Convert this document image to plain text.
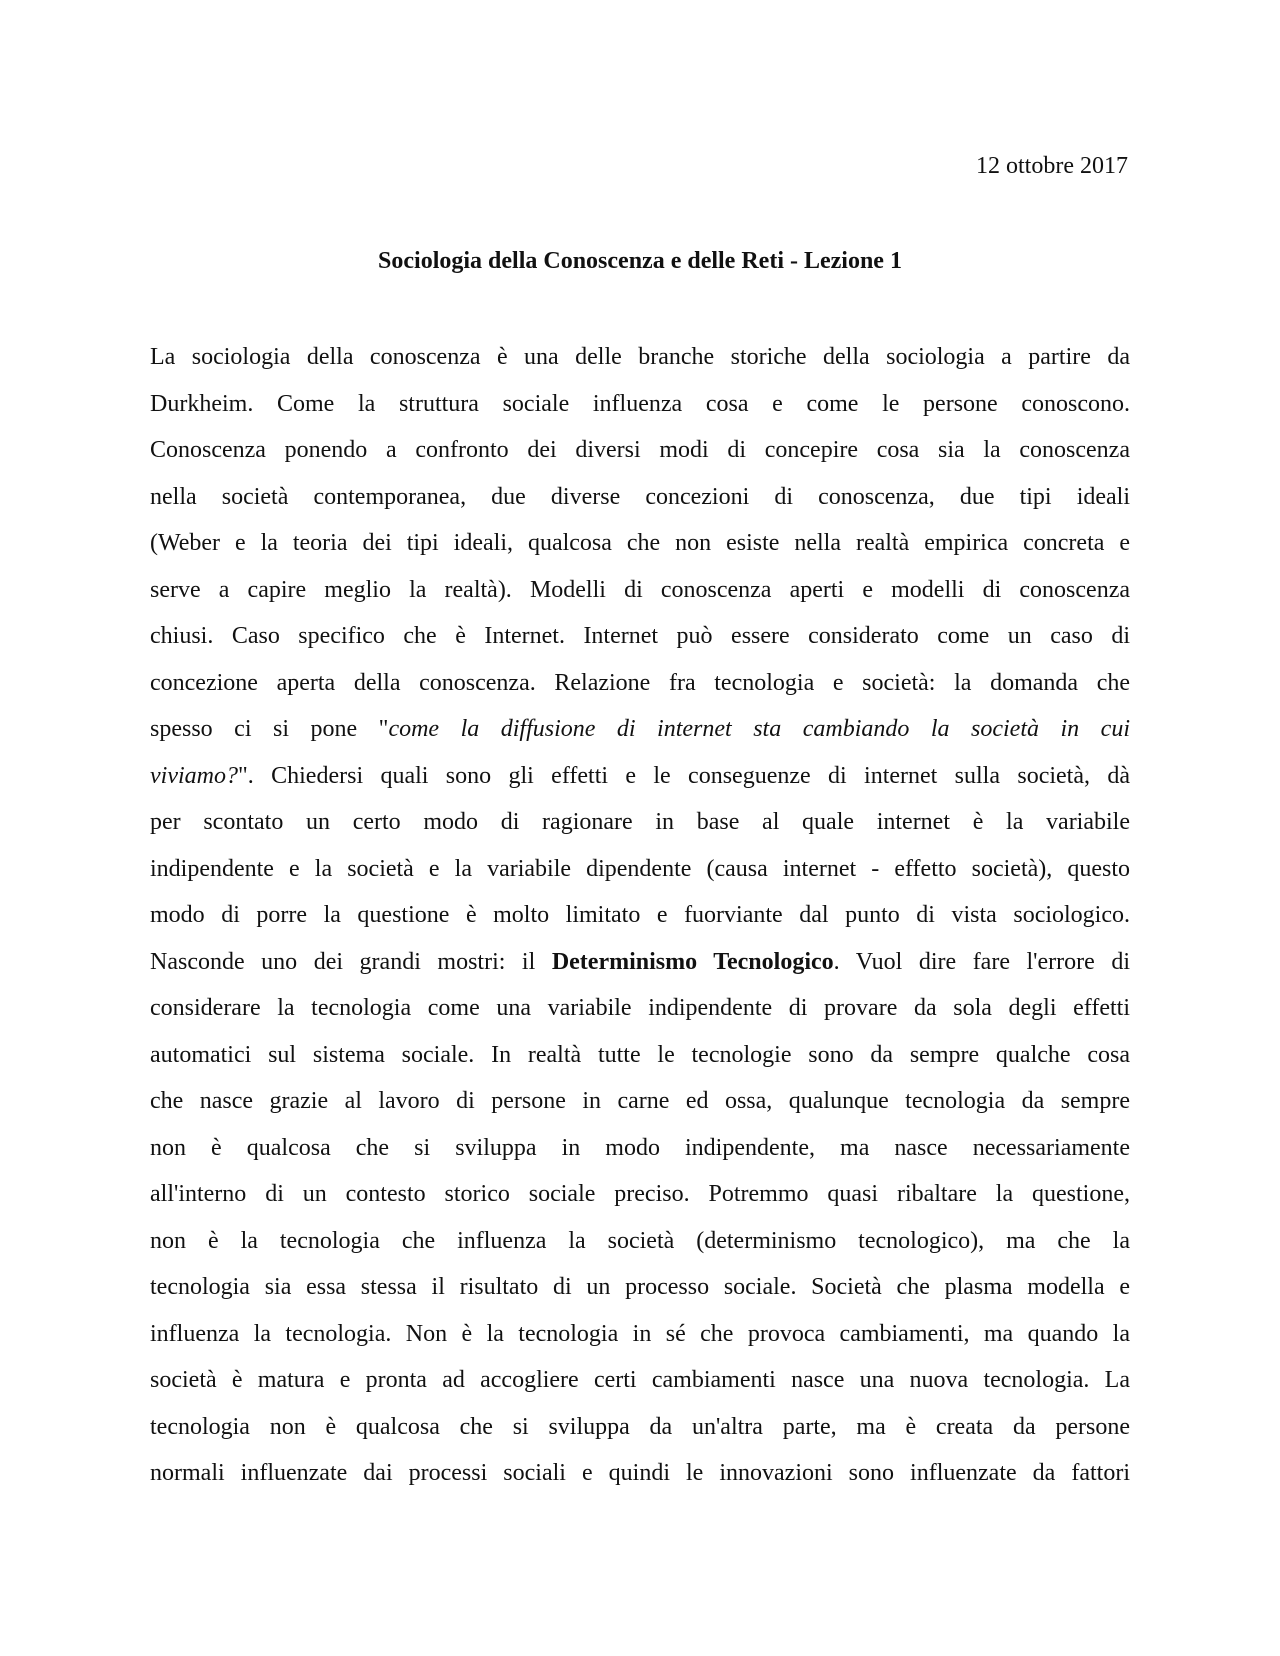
12 ottobre 2017
Sociologia della Conoscenza e delle Reti - Lezione 1
La sociologia della conoscenza è una delle branche storiche della sociologia a partire da
Durkheim. Come la struttura sociale influenza cosa e come le persone conoscono.
Conoscenza ponendo a confronto dei diversi modi di concepire cosa sia la conoscenza
nella società contemporanea, due diverse concezioni di conoscenza, due tipi ideali
(Weber e la teoria dei tipi ideali, qualcosa che non esiste nella realtà empirica concreta e
serve a capire meglio la realtà). Modelli di conoscenza aperti e modelli di conoscenza
chiusi. Caso specifico che è Internet. Internet può essere considerato come un caso di
concezione aperta della conoscenza. Relazione fra tecnologia e società: la domanda che
spesso ci si pone "come la diffusione di internet sta cambiando la società in cui
viviamo?". Chiedersi quali sono gli effetti e le conseguenze di internet sulla società, dà
per scontato un certo modo di ragionare in base al quale internet è la variabile
indipendente e la società e la variabile dipendente (causa internet - effetto società), questo
modo di porre la questione è molto limitato e fuorviante dal punto di vista sociologico.
Nasconde uno dei grandi mostri: il Determinismo Tecnologico. Vuol dire fare l'errore di
considerare la tecnologia come una variabile indipendente di provare da sola degli effetti
automatici sul sistema sociale. In realtà tutte le tecnologie sono da sempre qualche cosa
che nasce grazie al lavoro di persone in carne ed ossa, qualunque tecnologia da sempre
non è qualcosa che si sviluppa in modo indipendente, ma nasce necessariamente
all'interno di un contesto storico sociale preciso. Potremmo quasi ribaltare la questione,
non è la tecnologia che influenza la società (determinismo tecnologico), ma che la
tecnologia sia essa stessa il risultato di un processo sociale. Società che plasma modella e
influenza la tecnologia. Non è la tecnologia in sé che provoca cambiamenti, ma quando la
società è matura e pronta ad accogliere certi cambiamenti nasce una nuova tecnologia. La
tecnologia non è qualcosa che si sviluppa da un'altra parte, ma è creata da persone
normali influenzate dai processi sociali e quindi le innovazioni sono influenzate da fattori
